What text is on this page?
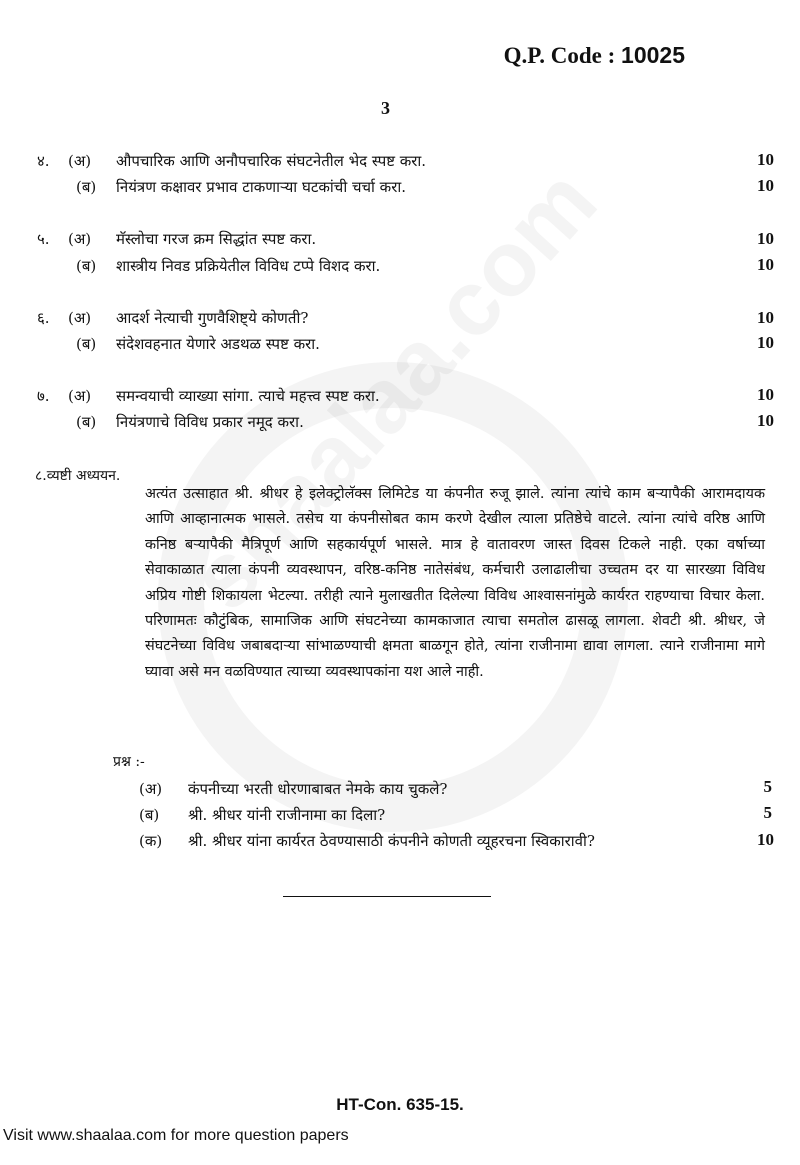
Q.P. Code : 10025
3
४. (अ) औपचारिक आणि अनौपचारिक संघटनेतील भेद स्पष्ट करा.	10
(ब) नियंत्रण कक्षावर प्रभाव टाकणाऱ्या घटकांची चर्चा करा.	10
५. (अ) मॅस्लोचा गरज क्रम सिद्धांत स्पष्ट करा.	10
(ब) शास्त्रीय निवड प्रक्रियेतील विविध टप्पे विशद करा.	10
६. (अ) आदर्श नेत्याची गुणवैशिष्ट्ये कोणती?	10
(ब) संदेशवहनात येणारे अडथळ स्पष्ट करा.	10
७. (अ) समन्वयाची व्याख्या सांगा. त्याचे महत्त्व स्पष्ट करा.	10
(ब) नियंत्रणाचे विविध प्रकार नमूद करा.	10
८.व्यष्टी अध्ययन.
अत्यंत उत्साहात श्री. श्रीधर हे इलेक्ट्रोलॅक्स लिमिटेड या कंपनीत रुजू झाले. त्यांना त्यांचे काम बऱ्यापैकी आरामदायक आणि आव्हानात्मक भासले. तसेच या कंपनीसोबत काम करणे देखील त्याला प्रतिष्ठेचे वाटले. त्यांना त्यांचे वरिष्ठ आणि कनिष्ठ बऱ्यापैकी मैत्रिपूर्ण आणि सहकार्यपूर्ण भासले. मात्र हे वातावरण जास्त दिवस टिकले नाही. एका वर्षाच्या सेवाकाळात त्याला कंपनी व्यवस्थापन, वरिष्ठ-कनिष्ठ नातेसंबंध, कर्मचारी उलाढालीचा उच्चतम दर या सारख्या विविध अप्रिय गोष्टी शिकायला भेटल्या. तरीही त्याने मुलाखतीत दिलेल्या विविध आश्वासनांमुळे कार्यरत राहण्याचा विचार केला. परिणामतः कौटुंबिक, सामाजिक आणि संघटनेच्या कामकाजात त्याचा समतोल ढासळू लागला. शेवटी श्री. श्रीधर, जे संघटनेच्या विविध जबाबदाऱ्या सांभाळण्याची क्षमता बाळगून होते, त्यांना राजीनामा द्यावा लागला. त्याने राजीनामा मागे घ्यावा असे मन वळविण्यात त्याच्या व्यवस्थापकांना यश आले नाही.
प्रश्न :-
(अ) कंपनीच्या भरती धोरणाबाबत नेमके काय चुकले?	5
(ब) श्री. श्रीधर यांनी राजीनामा का दिला?	5
(क) श्री. श्रीधर यांना कार्यरत ठेवण्यासाठी कंपनीने कोणती व्यूहरचना स्विकारावी?	10
HT-Con. 635-15.
Visit www.shaalaa.com for more question papers
